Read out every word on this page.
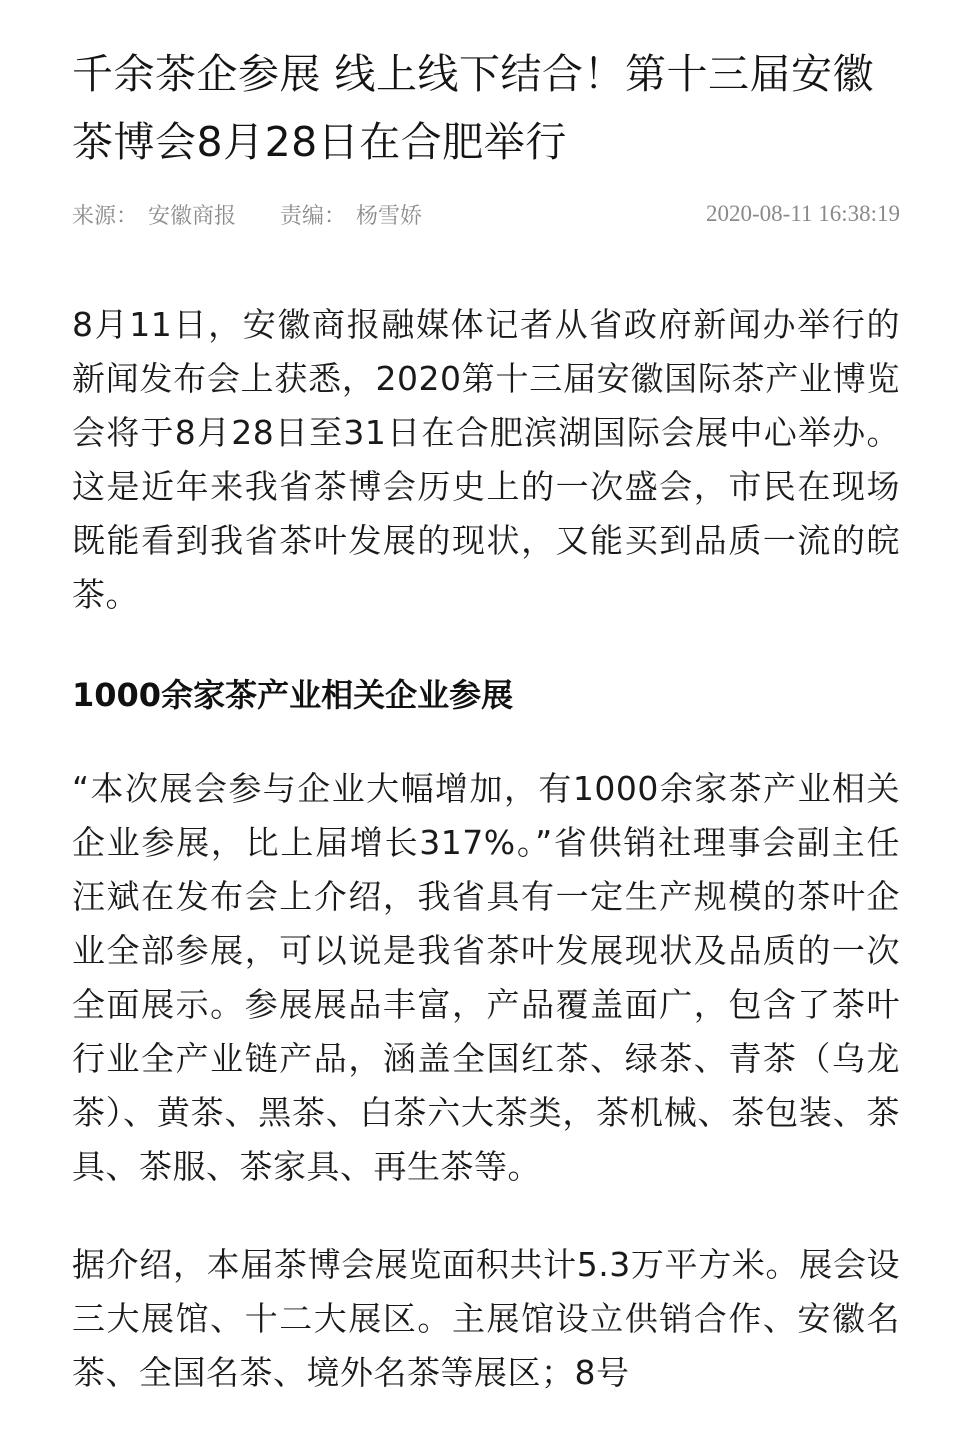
千余茶企参展 线上线下结合！第十三届安徽茶博会8月28日在合肥举行
来源： 安徽商报 责编： 杨雪娇	2020-08-11 16:38:19

8月11日，安徽商报融媒体记者从省政府新闻办举行的新闻发布会上获悉，2020第十三届安徽国际茶产业博览会将于8月28日至31日在合肥滨湖国际会展中心举办。这是近年来我省茶博会历史上的一次盛会，市民在现场既能看到我省茶叶发展的现状，又能买到品质一流的皖茶。

1000余家茶产业相关企业参展

“本次展会参与企业大幅增加，有1000余家茶产业相关企业参展，比上届增长317%。”省供销社理事会副主任汪斌在发布会上介绍，我省具有一定生产规模的茶叶企业全部参展，可以说是我省茶叶发展现状及品质的一次全面展示。参展展品丰富，产品覆盖面广，包含了茶叶行业全产业链产品，涵盖全国红茶、绿茶、青茶（乌龙茶）、黄茶、黑茶、白茶六大茶类，茶机械、茶包装、茶具、茶服、茶家具、再生茶等。

据介绍，本届茶博会展览面积共计5.3万平方米。展会设三大展馆、十二大展区。主展馆设立供销合作、安徽名茶、全国名茶、境外名茶等展区；8号
